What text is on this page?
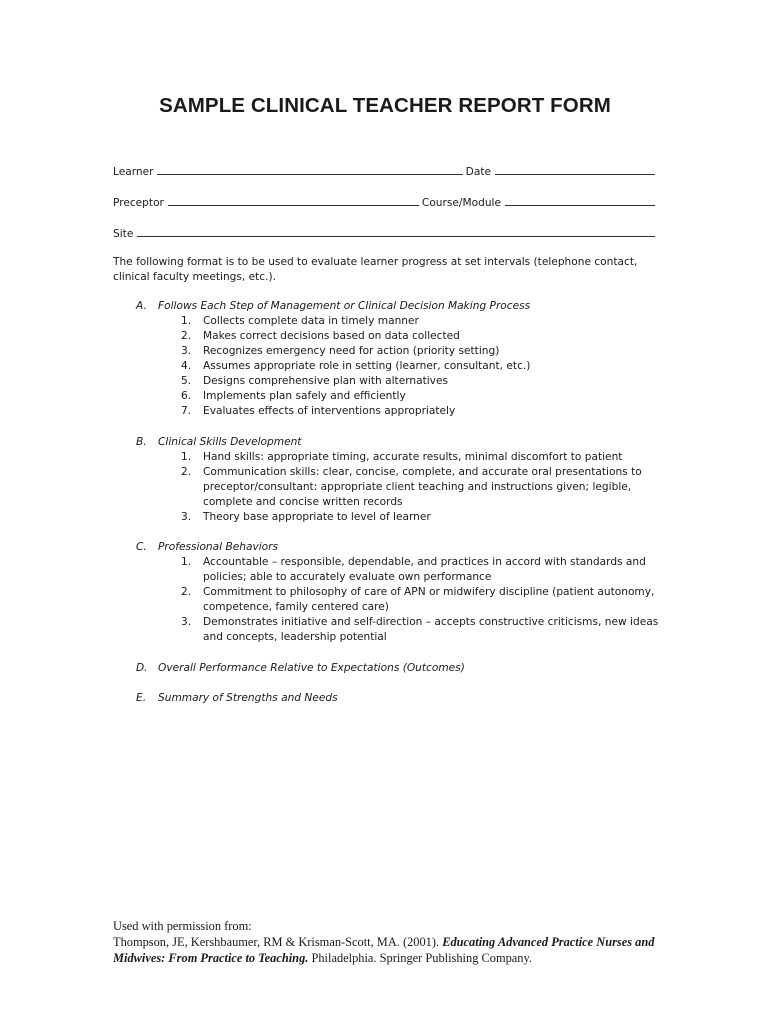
SAMPLE CLINICAL TEACHER REPORT FORM
Learner	Date
Preceptor	Course/Module
Site
The following format is to be used to evaluate learner progress at set intervals (telephone contact, clinical faculty meetings, etc.).
A.	Follows Each Step of Management or Clinical Decision Making Process
1.	Collects complete data in timely manner
2.	Makes correct decisions based on data collected
3.	Recognizes emergency need for action (priority setting)
4.	Assumes appropriate role in setting (learner, consultant, etc.)
5.	Designs comprehensive plan with alternatives
6.	Implements plan safely and efficiently
7.	Evaluates effects of interventions appropriately
B.	Clinical Skills Development
1.	Hand skills: appropriate timing, accurate results, minimal discomfort to patient
2.	Communication skills: clear, concise, complete, and accurate oral presentations to preceptor/consultant: appropriate client teaching and instructions given; legible, complete and concise written records
3.	Theory base appropriate to level of learner
C.	Professional Behaviors
1.	Accountable – responsible, dependable, and practices in accord with standards and policies; able to accurately evaluate own performance
2.	Commitment to philosophy of care of APN or midwifery discipline (patient autonomy, competence, family centered care)
3.	Demonstrates initiative and self-direction – accepts constructive criticisms, new ideas and concepts, leadership potential
D. Overall Performance Relative to Expectations (Outcomes)
E.	Summary of Strengths and Needs
Used with permission from:
Thompson, JE, Kershbaumer, RM & Krisman-Scott, MA. (2001). Educating Advanced Practice Nurses and Midwives: From Practice to Teaching. Philadelphia. Springer Publishing Company.
